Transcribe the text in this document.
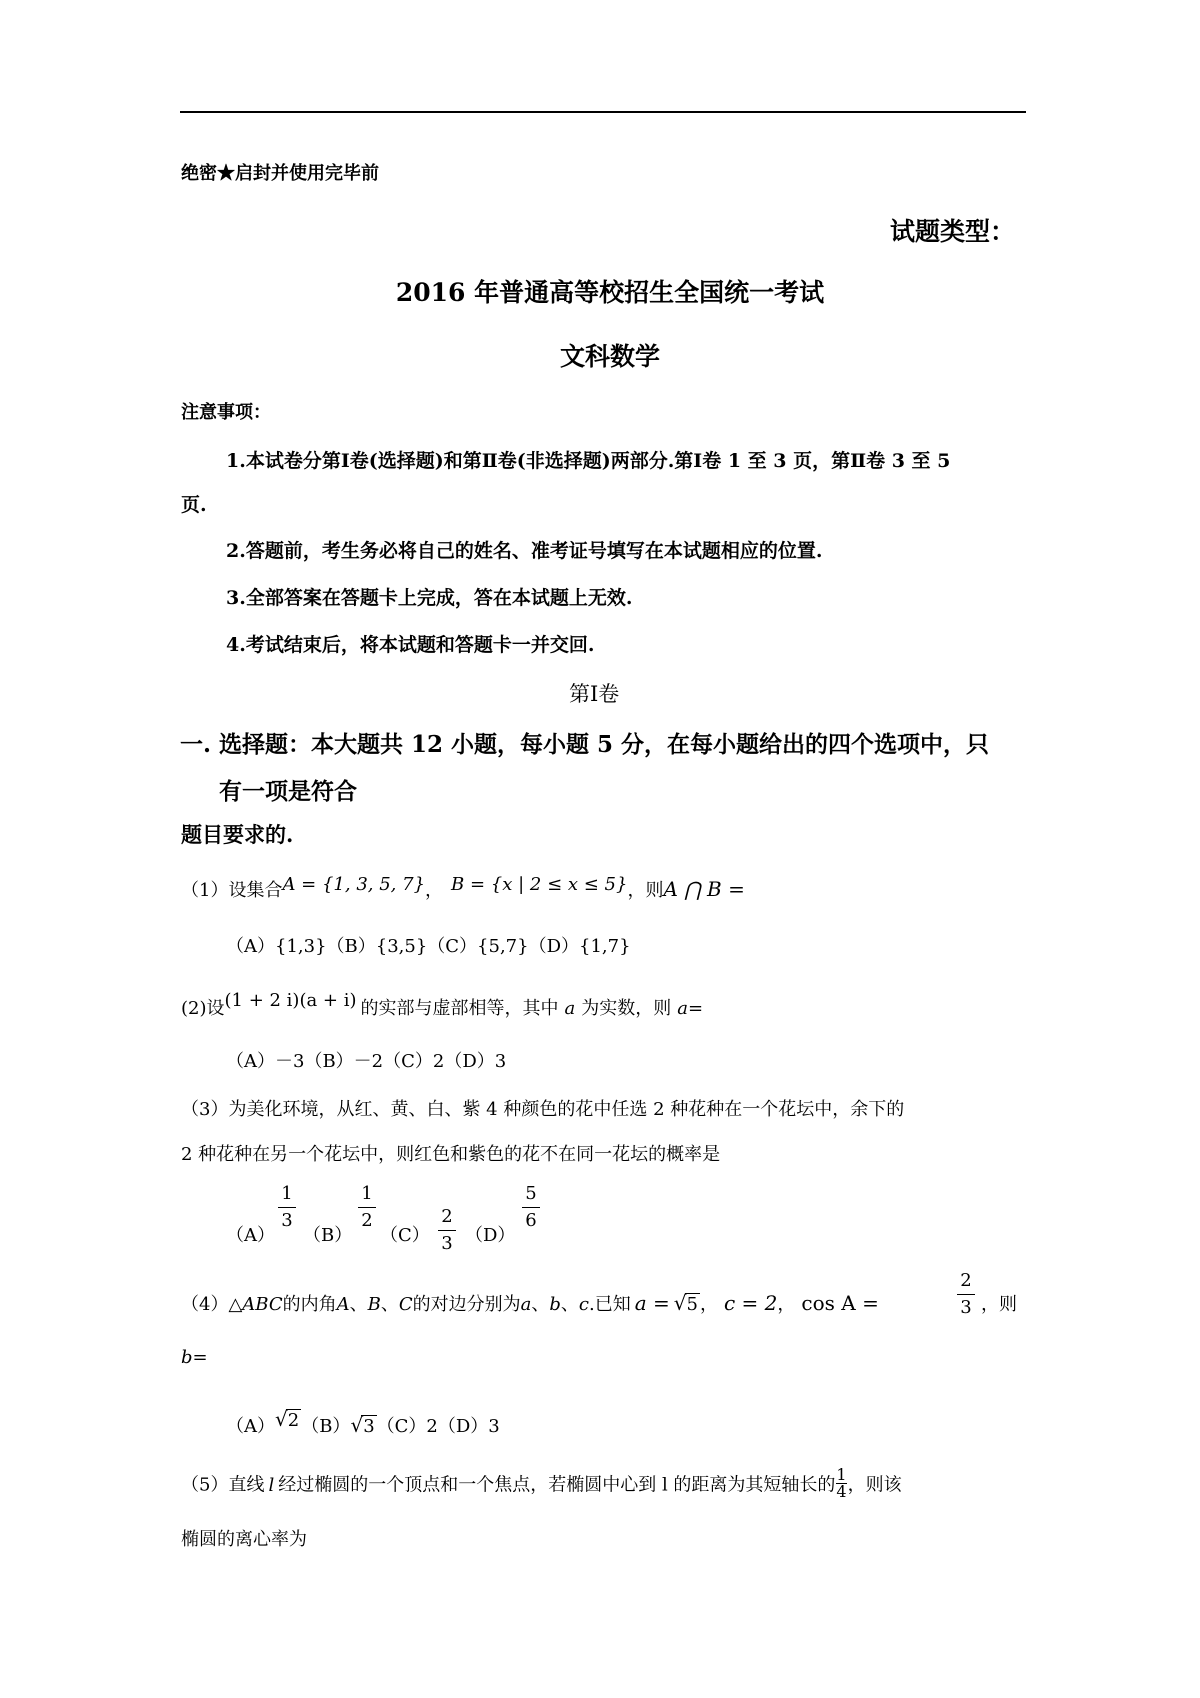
绝密★启封并使用完毕前
试题类型：
2016 年普通高等校招生全国统一考试
文科数学
注意事项：
1.本试卷分第Ⅰ卷(选择题)和第Ⅱ卷(非选择题)两部分.第Ⅰ卷 1 至 3 页，第Ⅱ卷 3 至 5
页.
2.答题前，考生务必将自己的姓名、准考证号填写在本试题相应的位置.
3.全部答案在答题卡上完成，答在本试题上无效.
4.考试结束后，将本试题和答题卡一并交回.
第Ⅰ卷
一. 选择题：本大题共 12 小题，每小题 5 分，在每小题给出的四个选项中，只
有一项是符合
题目要求的.
（1）设集合A = {1, 3, 5, 7}， B = {x | 2 ≤ x ≤ 5}，则A ⋂ B =
（A）{1,3}（B）{3,5}（C）{5,7}（D）{1,7}
(2)设(1 + 2 i)(a + i) 的实部与虚部相等，其中 a 为实数，则 a=
（A）－3（B）－2（C）2（D）3
（3）为美化环境，从红、黄、白、紫 4 种颜色的花中任选 2 种花种在一个花坛中，余下的
2 种花种在另一个花坛中，则红色和紫色的花不在同一花坛的概率是
（A）
1
3
（B）
1
2
（C）
2
3 （D）
5
6
（4）△ABC的内角A、B、C的对边分别为a、b、c.已知 a = √5 ， c = 2， cos A =
2
3 ，则
b=
（A）√2 （B）√3 （C）2（D）3
（5）直线 l 经过椭圆的一个顶点和一个焦点，若椭圆中心到 l 的距离为其短轴长的 $\frac{1}{4}$ ，则该
椭圆的离心率为
